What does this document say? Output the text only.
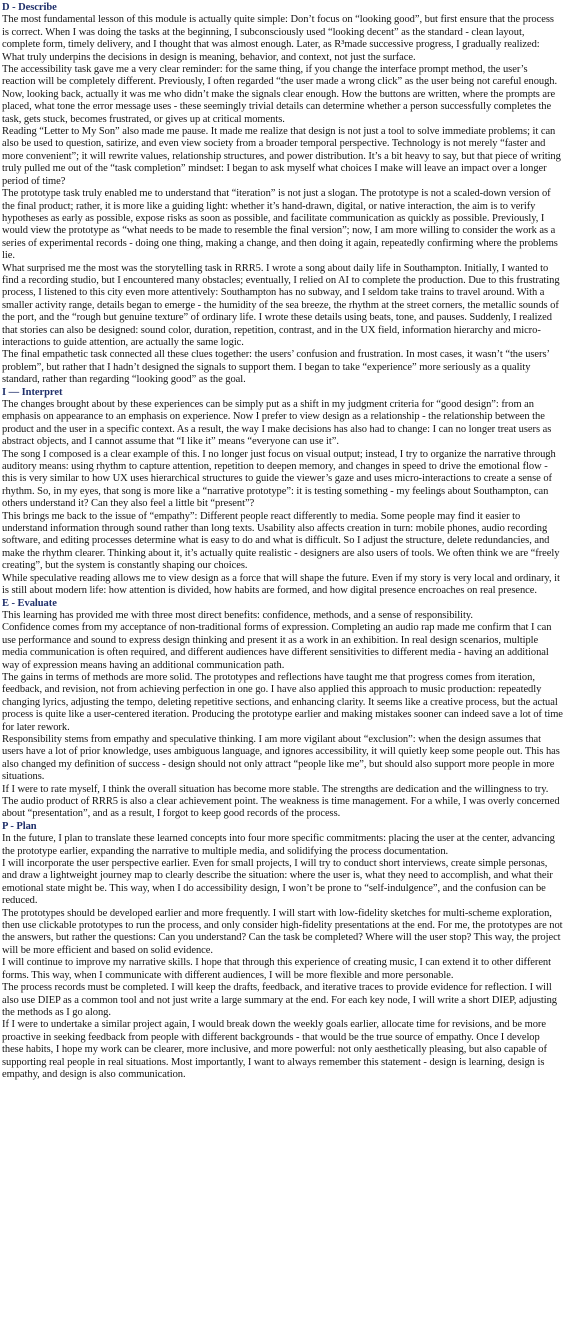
D - Describe

The most fundamental lesson of this module is actually quite simple: Don’t focus on “looking good”, but first ensure that the process is correct. When I was doing the tasks at the beginning, I subconsciously used “looking decent” as the standard - clean layout, complete form, timely delivery, and I thought that was almost enough. Later, as R³made successive progress, I gradually realized: What truly underpins the decisions in design is meaning, behavior, and context, not just the surface.

The accessibility task gave me a very clear reminder: for the same thing, if you change the interface prompt method, the user’s reaction will be completely different. Previously, I often regarded “the user made a wrong click” as the user being not careful enough. Now, looking back, actually it was me who didn’t make the signals clear enough. How the buttons are written, where the prompts are placed, what tone the error message uses - these seemingly trivial details can determine whether a person successfully completes the task, gets stuck, becomes frustrated, or gives up at critical moments.

Reading “Letter to My Son” also made me pause. It made me realize that design is not just a tool to solve immediate problems; it can also be used to question, satirize, and even view society from a broader temporal perspective. Technology is not merely “faster and more convenient”; it will rewrite values, relationship structures, and power distribution. It’s a bit heavy to say, but that piece of writing truly pulled me out of the “task completion” mindset: I began to ask myself what choices I make will leave an impact over a longer period of time?

The prototype task truly enabled me to understand that “iteration” is not just a slogan. The prototype is not a scaled-down version of the final product; rather, it is more like a guiding light: whether it’s hand-drawn, digital, or native interaction, the aim is to verify hypotheses as early as possible, expose risks as soon as possible, and facilitate communication as quickly as possible. Previously, I would view the prototype as “what needs to be made to resemble the final version”; now, I am more willing to consider the work as a series of experimental records - doing one thing, making a change, and then doing it again, repeatedly confirming where the problems lie.

What surprised me the most was the storytelling task in RRR5. I wrote a song about daily life in Southampton. Initially, I wanted to find a recording studio, but I encountered many obstacles; eventually, I relied on AI to complete the production. Due to this frustrating process, I listened to this city even more attentively: Southampton has no subway, and I seldom take trains to travel around. With a smaller activity range, details began to emerge - the humidity of the sea breeze, the rhythm at the street corners, the metallic sounds of the port, and the “rough but genuine texture” of ordinary life. I wrote these details using beats, tone, and pauses. Suddenly, I realized that stories can also be designed: sound color, duration, repetition, contrast, and in the UX field, information hierarchy and micro-interactions to guide attention, are actually the same logic.

The final empathetic task connected all these clues together: the users’ confusion and frustration. In most cases, it wasn’t “the users’ problem”, but rather that I hadn’t designed the signals to support them. I began to take “experience” more seriously as a quality standard, rather than regarding “looking good” as the goal.

I — Interpret

The changes brought about by these experiences can be simply put as a shift in my judgment criteria for “good design”: from an emphasis on appearance to an emphasis on experience. Now I prefer to view design as a relationship - the relationship between the product and the user in a specific context. As a result, the way I make decisions has also had to change: I can no longer treat users as abstract objects, and I cannot assume that “I like it” means “everyone can use it”.

The song I composed is a clear example of this. I no longer just focus on visual output; instead, I try to organize the narrative through auditory means: using rhythm to capture attention, repetition to deepen memory, and changes in speed to drive the emotional flow - this is very similar to how UX uses hierarchical structures to guide the viewer’s gaze and uses micro-interactions to create a sense of rhythm. So, in my eyes, that song is more like a “narrative prototype”: it is testing something - my feelings about Southampton, can others understand it? Can they also feel a little bit “present”?

This brings me back to the issue of “empathy”: Different people react differently to media. Some people may find it easier to understand information through sound rather than long texts. Usability also affects creation in turn: mobile phones, audio recording software, and editing processes determine what is easy to do and what is difficult. So I adjust the structure, delete redundancies, and make the rhythm clearer. Thinking about it, it’s actually quite realistic - designers are also users of tools. We often think we are “freely creating”, but the system is constantly shaping our choices.

While speculative reading allows me to view design as a force that will shape the future. Even if my story is very local and ordinary, it is still about modern life: how attention is divided, how habits are formed, and how digital presence encroaches on real presence.

E - Evaluate

This learning has provided me with three most direct benefits: confidence, methods, and a sense of responsibility.

Confidence comes from my acceptance of non-traditional forms of expression. Completing an audio rap made me confirm that I can use performance and sound to express design thinking and present it as a work in an exhibition. In real design scenarios, multiple media communication is often required, and different audiences have different sensitivities to different media - having an additional way of expression means having an additional communication path.

The gains in terms of methods are more solid. The prototypes and reflections have taught me that progress comes from iteration, feedback, and revision, not from achieving perfection in one go. I have also applied this approach to music production: repeatedly changing lyrics, adjusting the tempo, deleting repetitive sections, and enhancing clarity. It seems like a creative process, but the actual process is quite like a user-centered iteration. Producing the prototype earlier and making mistakes sooner can indeed save a lot of time for later rework.

Responsibility stems from empathy and speculative thinking. I am more vigilant about “exclusion”: when the design assumes that users have a lot of prior knowledge, uses ambiguous language, and ignores accessibility, it will quietly keep some people out. This has also changed my definition of success - design should not only attract “people like me”, but should also support more people in more situations.

If I were to rate myself, I think the overall situation has become more stable. The strengths are dedication and the willingness to try. The audio product of RRR5 is also a clear achievement point. The weakness is time management. For a while, I was overly concerned about “presentation”, and as a result, I forgot to keep good records of the process.

P - Plan

In the future, I plan to translate these learned concepts into four more specific commitments: placing the user at the center, advancing the prototype earlier, expanding the narrative to multiple media, and solidifying the process documentation.

I will incorporate the user perspective earlier. Even for small projects, I will try to conduct short interviews, create simple personas, and draw a lightweight journey map to clearly describe the situation: where the user is, what they need to accomplish, and what their emotional state might be. This way, when I do accessibility design, I won’t be prone to “self-indulgence”, and the confusion can be reduced.

The prototypes should be developed earlier and more frequently. I will start with low-fidelity sketches for multi-scheme exploration, then use clickable prototypes to run the process, and only consider high-fidelity presentations at the end. For me, the prototypes are not the answers, but rather the questions: Can you understand? Can the task be completed? Where will the user stop? This way, the project will be more efficient and based on solid evidence.

I will continue to improve my narrative skills. I hope that through this experience of creating music, I can extend it to other different forms. This way, when I communicate with different audiences, I will be more flexible and more personable.

The process records must be completed. I will keep the drafts, feedback, and iterative traces to provide evidence for reflection. I will also use DIEP as a common tool and not just write a large summary at the end. For each key node, I will write a short DIEP, adjusting the methods as I go along.

If I were to undertake a similar project again, I would break down the weekly goals earlier, allocate time for revisions, and be more proactive in seeking feedback from people with different backgrounds - that would be the true source of empathy. Once I develop these habits, I hope my work can be clearer, more inclusive, and more powerful: not only aesthetically pleasing, but also capable of supporting real people in real situations. Most importantly, I want to always remember this statement - design is learning, design is empathy, and design is also communication.
